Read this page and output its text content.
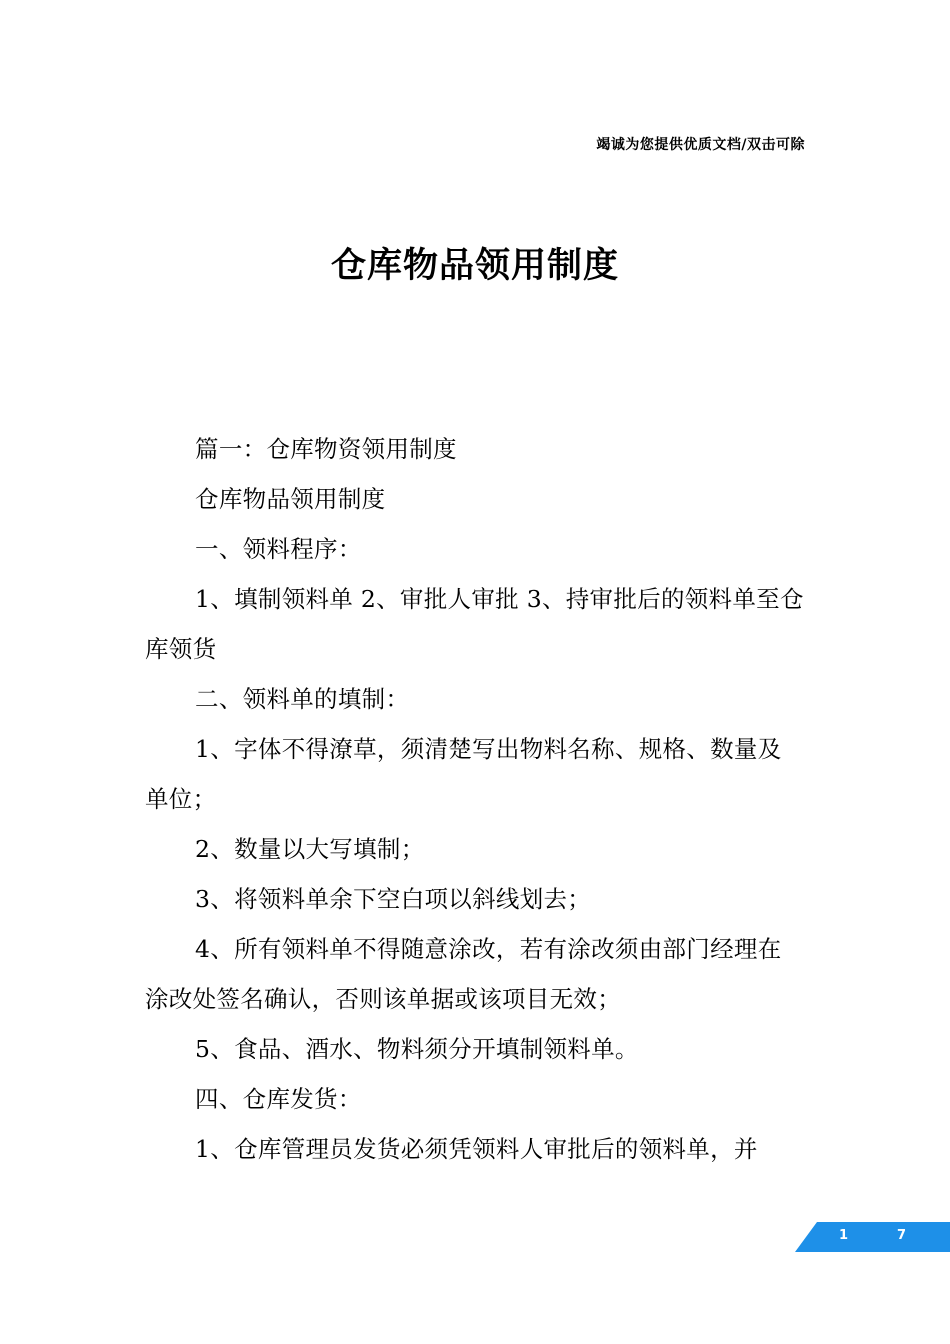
竭诚为您提供优质文档/双击可除
仓库物品领用制度

篇一：仓库物资领用制度

仓库物品领用制度

一、领料程序：

1、填制领料单 2、审批人审批 3、持审批后的领料单至仓库领货

二、领料单的填制：

1、字体不得潦草，须清楚写出物料名称、规格、数量及单位；

2、数量以大写填制；

3、将领料单余下空白项以斜线划去；

4、所有领料单不得随意涂改，若有涂改须由部门经理在涂改处签名确认，否则该单据或该项目无效；

5、食品、酒水、物料须分开填制领料单。

四、仓库发货：

1、仓库管理员发货必须凭领料人审批后的领料单，并

1	7
